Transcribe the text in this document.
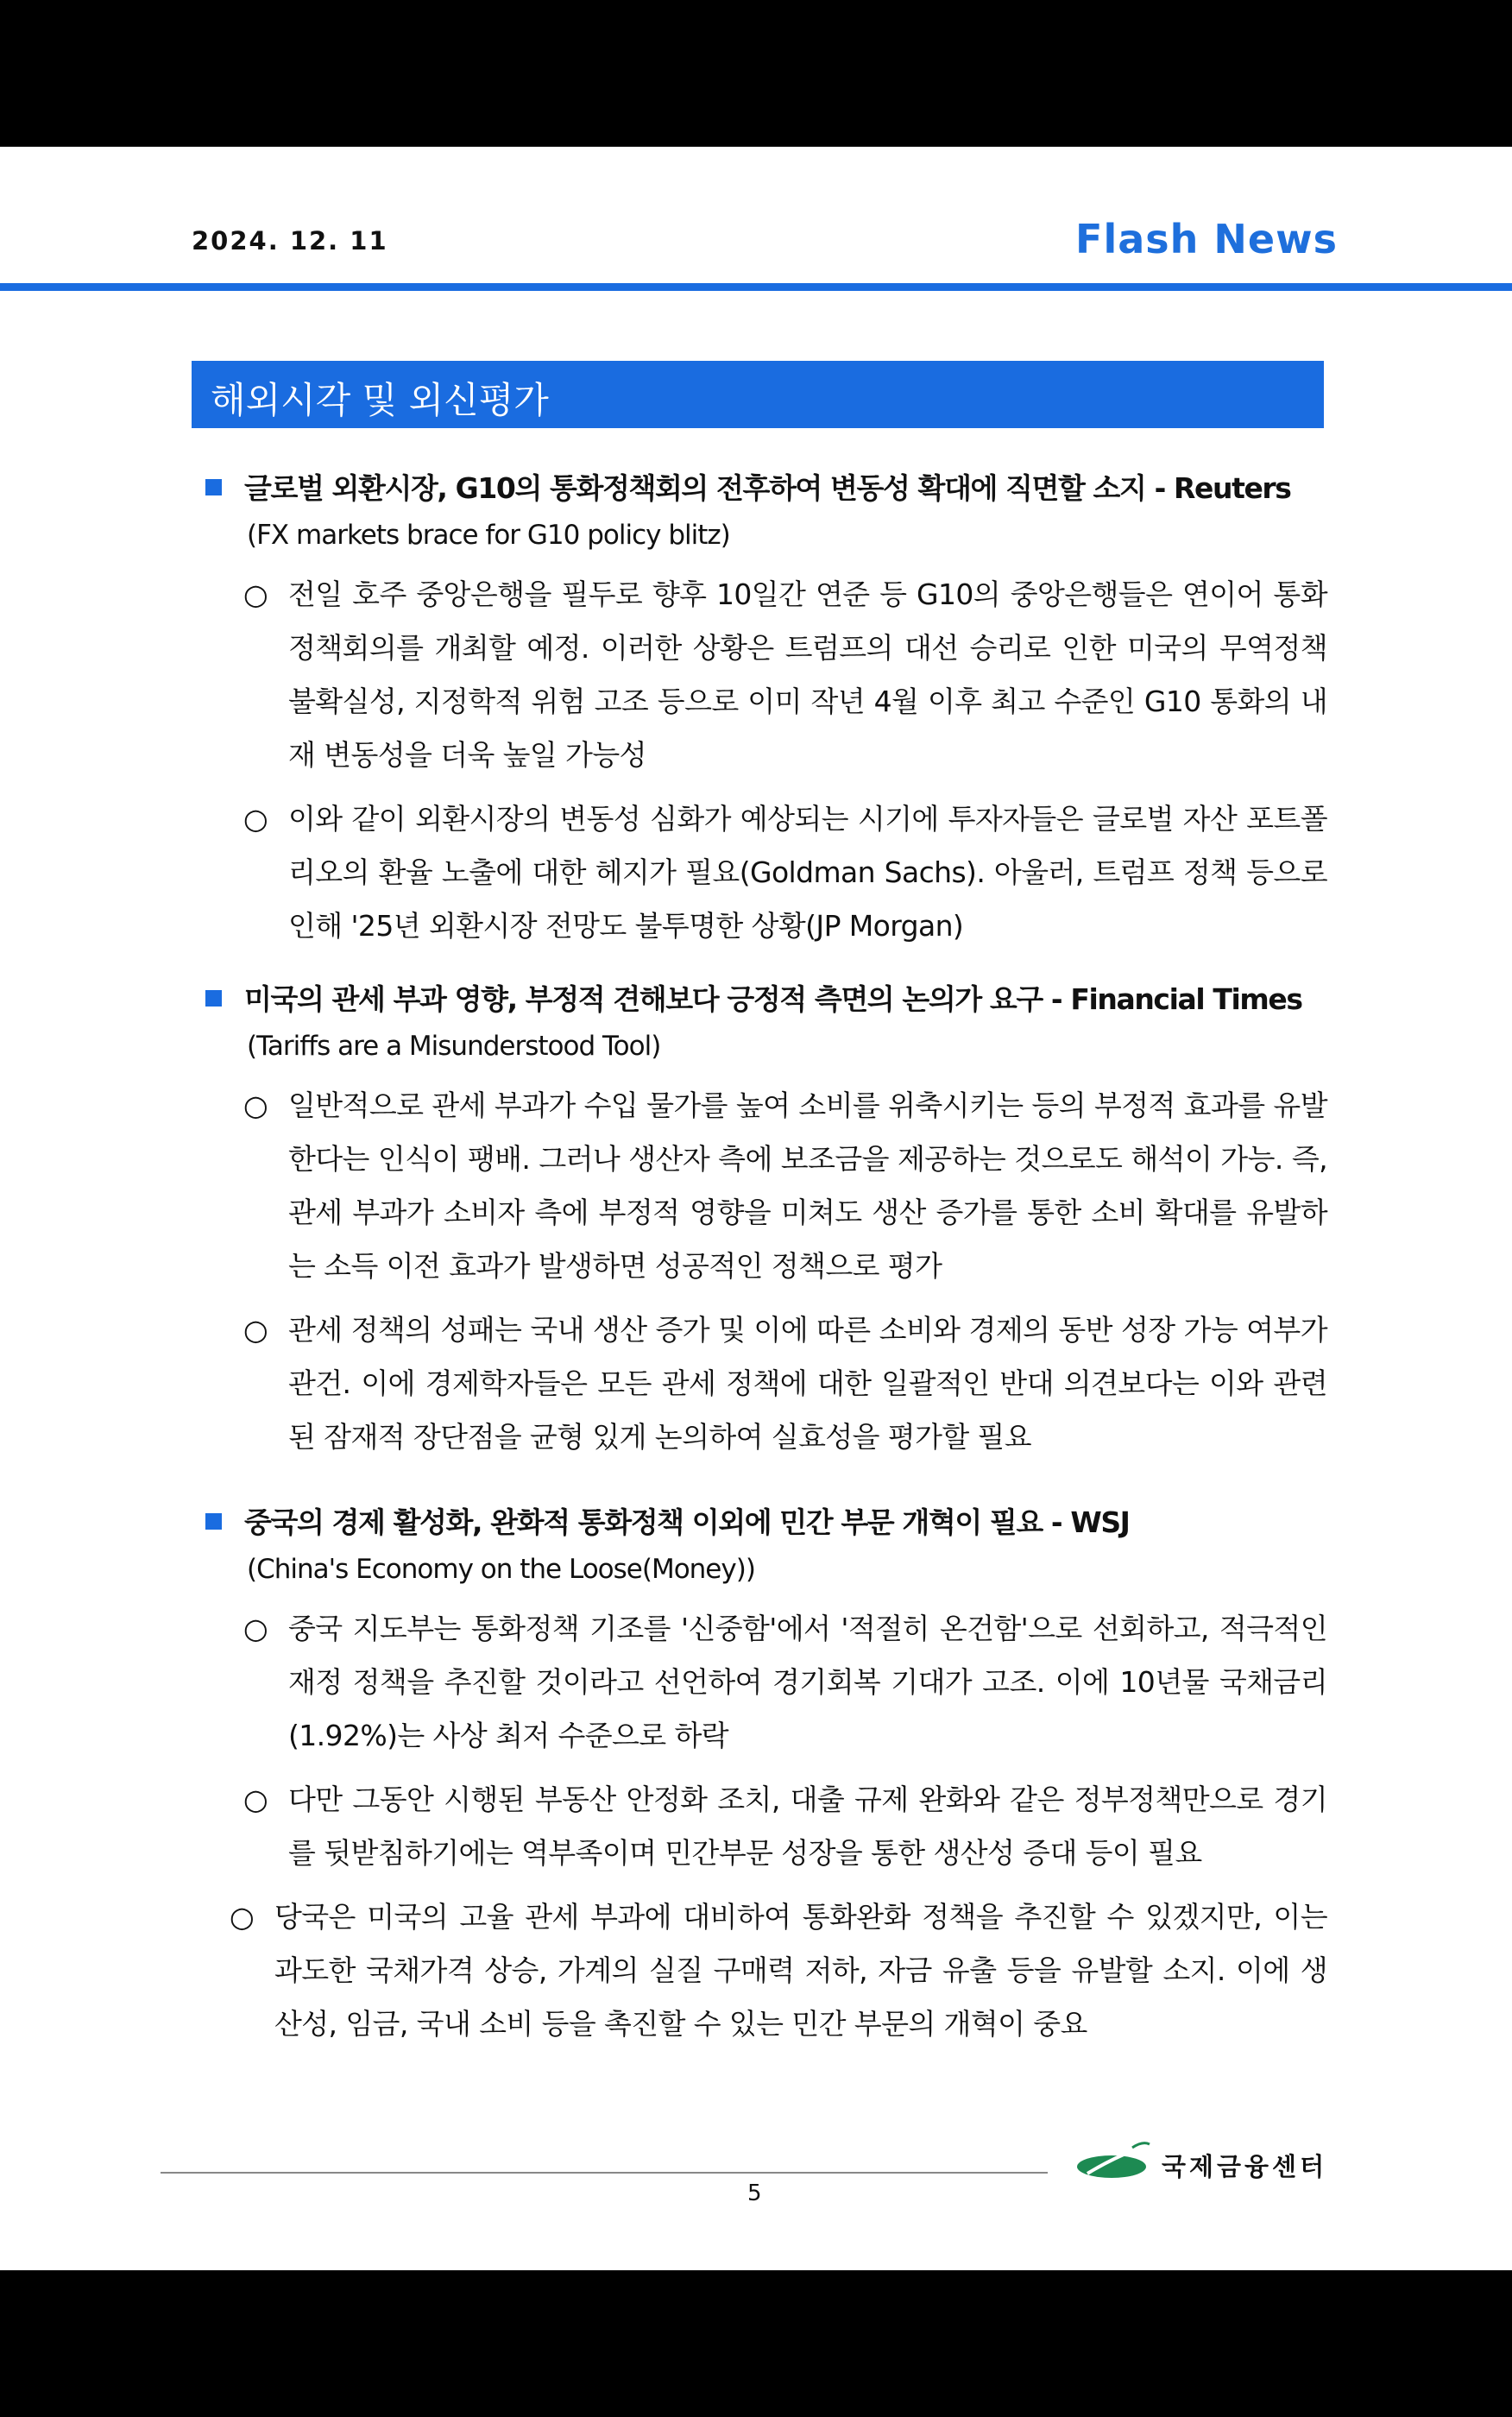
2024. 12. 11	Flash News
해외시각 및 외신평가
글로벌 외환시장, G10의 통화정책회의 전후하여 변동성 확대에 직면할 소지 - Reuters
(FX markets brace for G10 policy blitz)
○ 전일 호주 중앙은행을 필두로 향후 10일간 연준 등 G10의 중앙은행들은 연이어 통화정책회의를 개최할 예정. 이러한 상황은 트럼프의 대선 승리로 인한 미국의 무역정책 불확실성, 지정학적 위험 고조 등으로 이미 작년 4월 이후 최고 수준인 G10 통화의 내재 변동성을 더욱 높일 가능성
○ 이와 같이 외환시장의 변동성 심화가 예상되는 시기에 투자자들은 글로벌 자산 포트폴리오의 환율 노출에 대한 헤지가 필요(Goldman Sachs). 아울러, 트럼프 정책 등으로 인해 '25년 외환시장 전망도 불투명한 상황(JP Morgan)
미국의 관세 부과 영향, 부정적 견해보다 긍정적 측면의 논의가 요구 - Financial Times
(Tariffs are a Misunderstood Tool)
○ 일반적으로 관세 부과가 수입 물가를 높여 소비를 위축시키는 등의 부정적 효과를 유발한다는 인식이 팽배. 그러나 생산자 측에 보조금을 제공하는 것으로도 해석이 가능. 즉, 관세 부과가 소비자 측에 부정적 영향을 미쳐도 생산 증가를 통한 소비 확대를 유발하는 소득 이전 효과가 발생하면 성공적인 정책으로 평가
○ 관세 정책의 성패는 국내 생산 증가 및 이에 따른 소비와 경제의 동반 성장 가능 여부가 관건. 이에 경제학자들은 모든 관세 정책에 대한 일괄적인 반대 의견보다는 이와 관련된 잠재적 장단점을 균형 있게 논의하여 실효성을 평가할 필요
중국의 경제 활성화, 완화적 통화정책 이외에 민간 부문 개혁이 필요 - WSJ
(China's Economy on the Loose(Money))
○ 중국 지도부는 통화정책 기조를 '신중함'에서 '적절히 온건함'으로 선회하고, 적극적인 재정 정책을 추진할 것이라고 선언하여 경기회복 기대가 고조. 이에 10년물 국채금리(1.92%)는 사상 최저 수준으로 하락
○ 다만 그동안 시행된 부동산 안정화 조치, 대출 규제 완화와 같은 정부정책만으로 경기를 뒷받침하기에는 역부족이며 민간부문 성장을 통한 생산성 증대 등이 필요
○ 당국은 미국의 고율 관세 부과에 대비하여 통화완화 정책을 추진할 수 있겠지만, 이는 과도한 국채가격 상승, 가계의 실질 구매력 저하, 자금 유출 등을 유발할 소지. 이에 생산성, 임금, 국내 소비 등을 촉진할 수 있는 민간 부문의 개혁이 중요
5
국제금융센터
